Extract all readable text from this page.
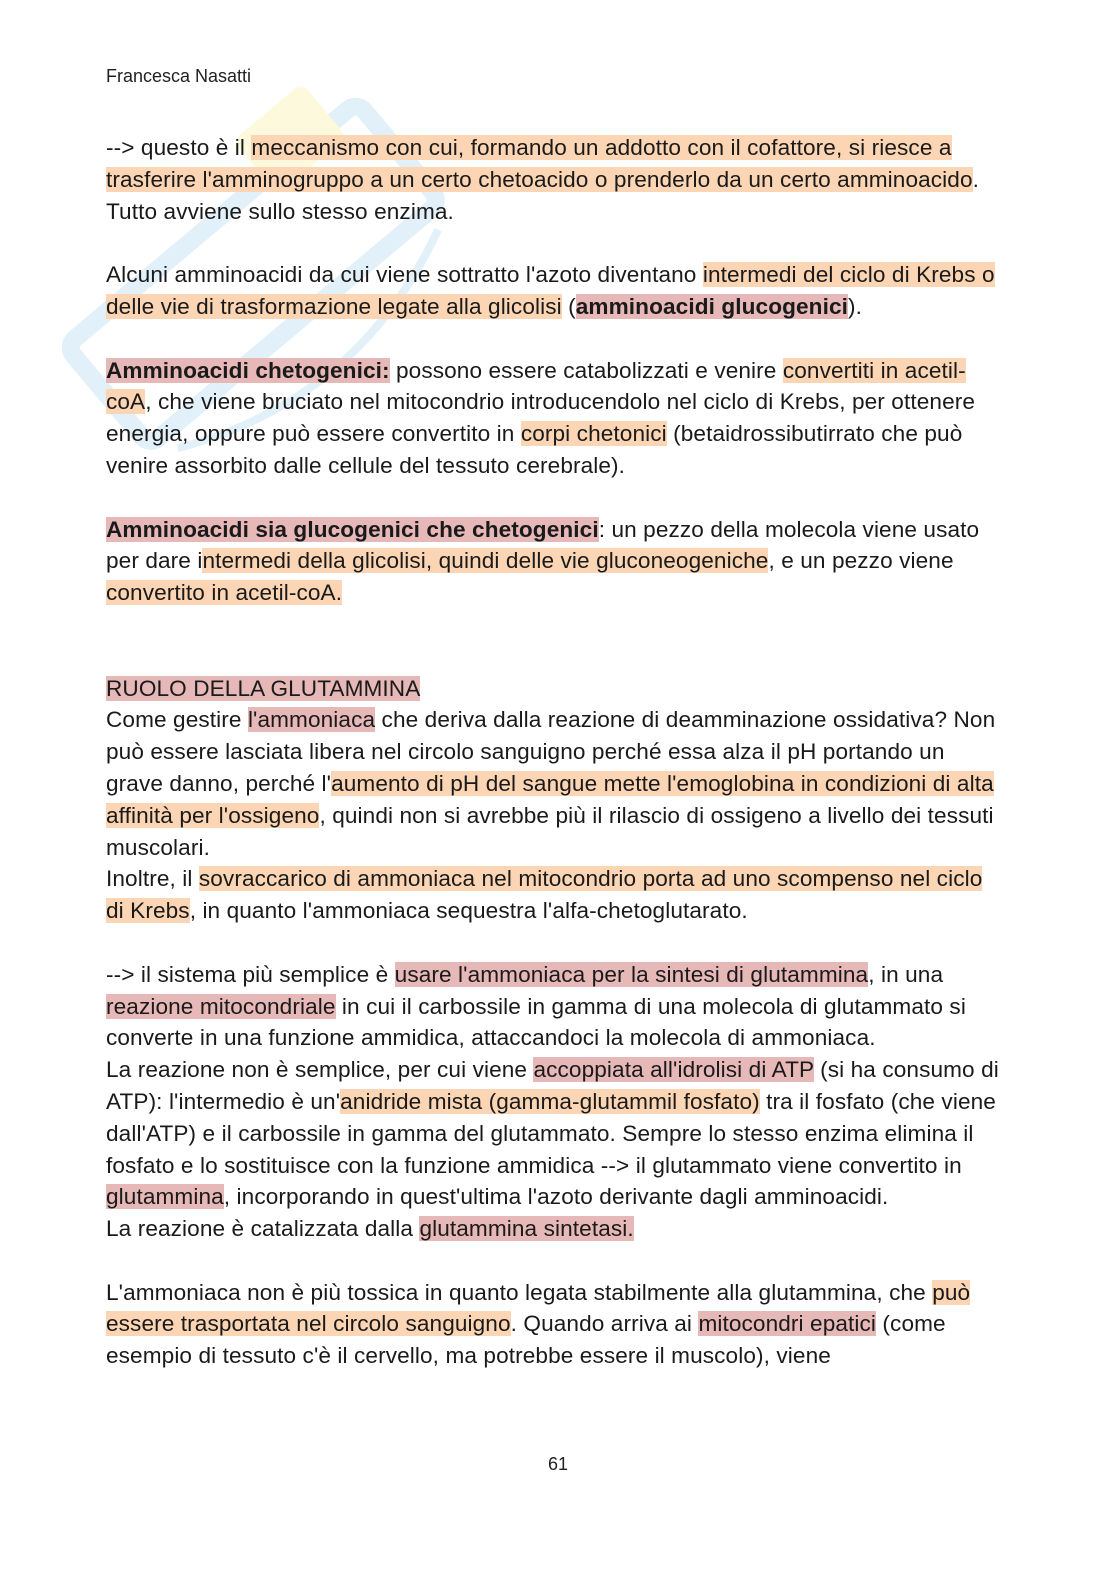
Francesca Nasatti

--> questo è il meccanismo con cui, formando un addotto con il cofattore, si riesce a trasferire l'amminogruppo a un certo chetoacido o prenderlo da un certo amminoacido. Tutto avviene sullo stesso enzima.

Alcuni amminoacidi da cui viene sottratto l'azoto diventano intermedi del ciclo di Krebs o delle vie di trasformazione legate alla glicolisi (amminoacidi glucogenici).

Amminoacidi chetogenici: possono essere catabolizzati e venire convertiti in acetil-coA, che viene bruciato nel mitocondrio introducendolo nel ciclo di Krebs, per ottenere energia, oppure può essere convertito in corpi chetonici (betaidrossibutirrato che può venire assorbito dalle cellule del tessuto cerebrale).

Amminoacidi sia glucogenici che chetogenici: un pezzo della molecola viene usato per dare intermedi della glicolisi, quindi delle vie gluconeogeniche, e un pezzo viene convertito in acetil-coA.

RUOLO DELLA GLUTAMMINA

Come gestire l'ammoniaca che deriva dalla reazione di deamminazione ossidativa? Non può essere lasciata libera nel circolo sanguigno perché essa alza il pH portando un grave danno, perché l'aumento di pH del sangue mette l'emoglobina in condizioni di alta affinità per l'ossigeno, quindi non si avrebbe più il rilascio di ossigeno a livello dei tessuti muscolari.

Inoltre, il sovraccarico di ammoniaca nel mitocondrio porta ad uno scompenso nel ciclo di Krebs, in quanto l'ammoniaca sequestra l'alfa-chetoglutarato.

--> il sistema più semplice è usare l'ammoniaca per la sintesi di glutammina, in una reazione mitocondriale in cui il carbossile in gamma di una molecola di glutammato si converte in una funzione ammidica, attaccandoci la molecola di ammoniaca.

La reazione non è semplice, per cui viene accoppiata all'idrolisi di ATP (si ha consumo di ATP): l'intermedio è un'anidride mista (gamma-glutammil fosfato) tra il fosfato (che viene dall'ATP) e il carbossile in gamma del glutammato. Sempre lo stesso enzima elimina il fosfato e lo sostituisce con la funzione ammidica --> il glutammato viene convertito in glutammina, incorporando in quest'ultima l'azoto derivante dagli amminoacidi.

La reazione è catalizzata dalla glutammina sintetasi.

L'ammoniaca non è più tossica in quanto legata stabilmente alla glutammina, che può essere trasportata nel circolo sanguigno. Quando arriva ai mitocondri epatici (come esempio di tessuto c'è il cervello, ma potrebbe essere il muscolo), viene

61
